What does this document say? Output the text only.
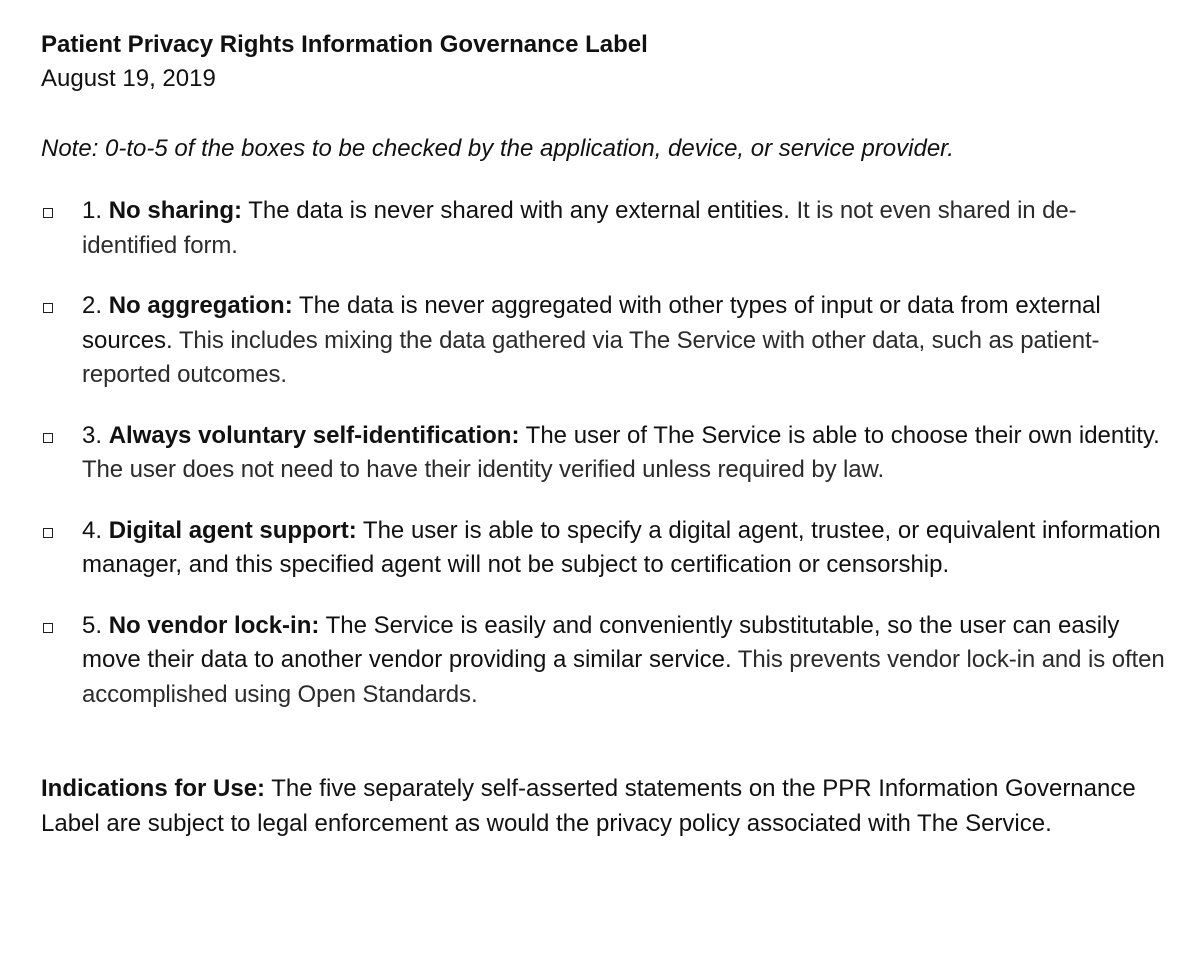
Patient Privacy Rights Information Governance Label

August 19, 2019

Note: 0-to-5 of the boxes to be checked by the application, device, or service provider.

1. No sharing: The data is never shared with any external entities. It is not even shared in de-identified form.
2. No aggregation: The data is never aggregated with other types of input or data from external sources. This includes mixing the data gathered via The Service with other data, such as patient-reported outcomes.
3. Always voluntary self-identification: The user of The Service is able to choose their own identity. The user does not need to have their identity verified unless required by law.
4. Digital agent support: The user is able to specify a digital agent, trustee, or equivalent information manager, and this specified agent will not be subject to certification or censorship.
5. No vendor lock-in: The Service is easily and conveniently substitutable, so the user can easily move their data to another vendor providing a similar service. This prevents vendor lock-in and is often accomplished using Open Standards.

Indications for Use: The five separately self-asserted statements on the PPR Information Governance Label are subject to legal enforcement as would the privacy policy associated with The Service.
